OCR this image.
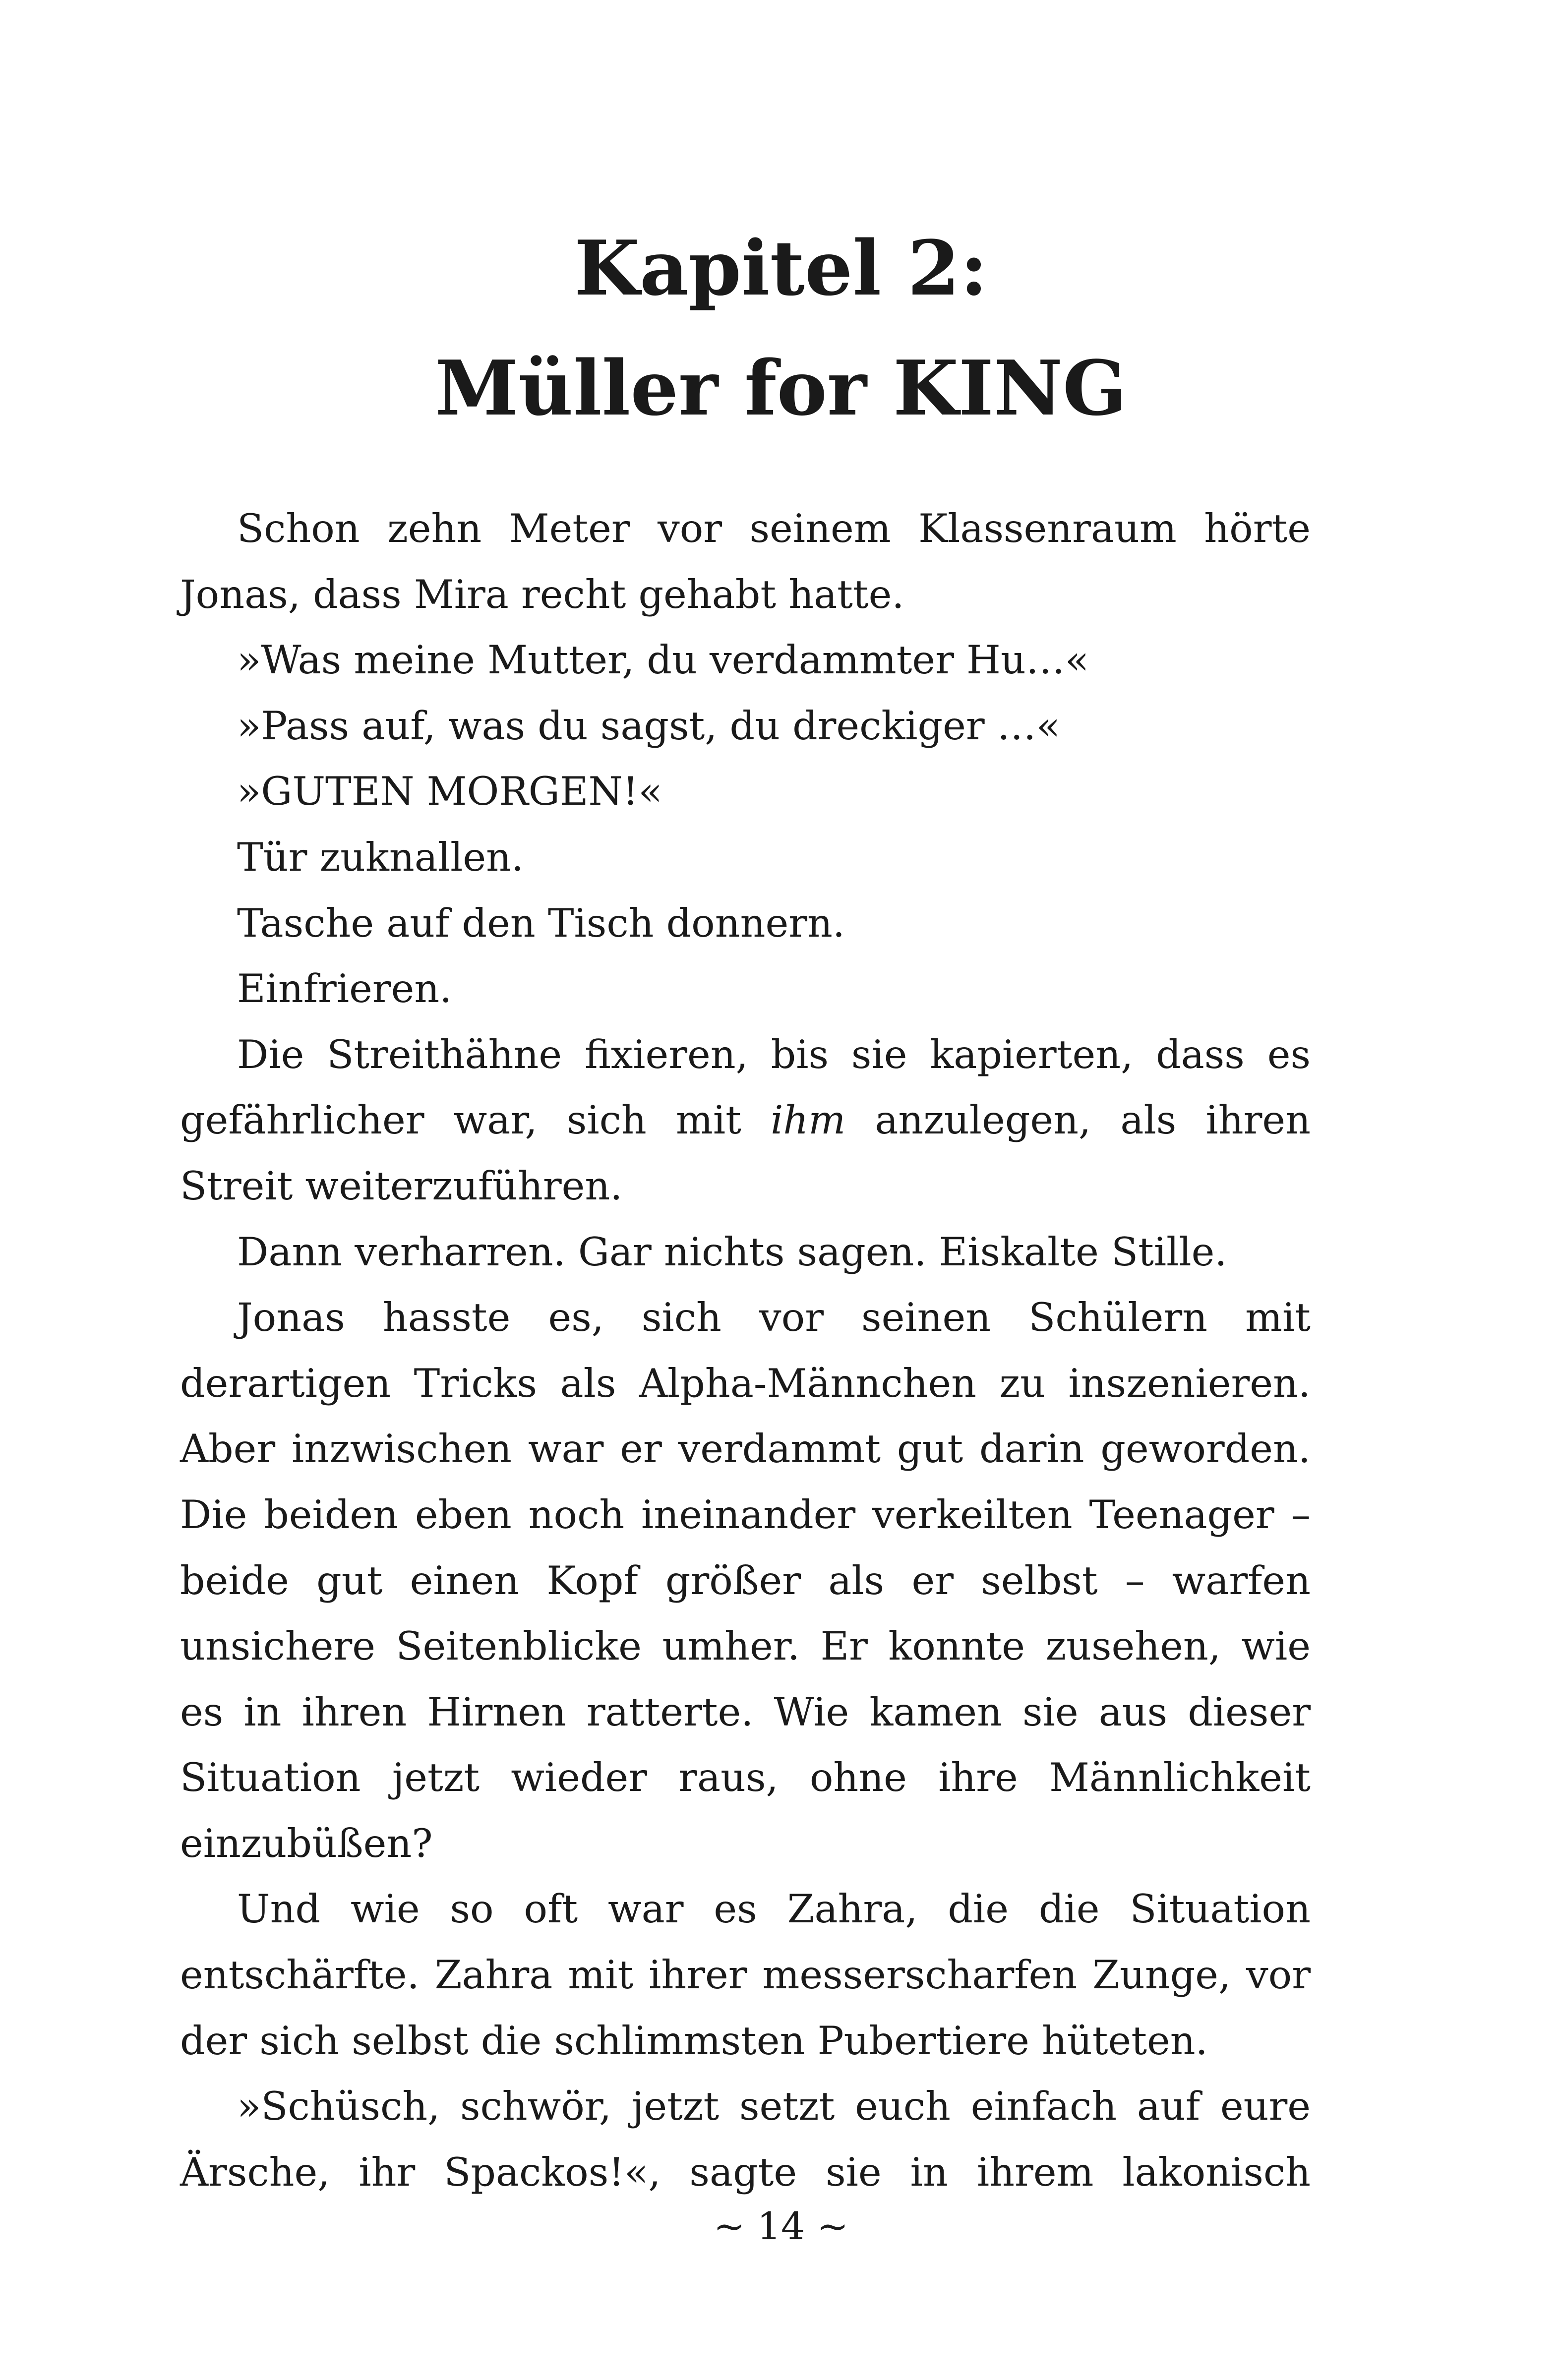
Kapitel 2:
Müller for KING

Schon zehn Meter vor seinem Klassenraum hörte Jonas, dass Mira recht gehabt hatte.

»Was meine Mutter, du verdammter Hu…«

»Pass auf, was du sagst, du dreckiger …«

»GUTEN MORGEN!«

Tür zuknallen.

Tasche auf den Tisch donnern.

Einfrieren.

Die Streithähne fixieren, bis sie kapierten, dass es gefährlicher war, sich mit ihm anzulegen, als ihren Streit weiterzuführen.

Dann verharren. Gar nichts sagen. Eiskalte Stille.

Jonas hasste es, sich vor seinen Schülern mit derartigen Tricks als Alpha-Männchen zu inszenieren. Aber inzwischen war er verdammt gut darin geworden. Die beiden eben noch ineinander verkeilten Teenager – beide gut einen Kopf größer als er selbst – warfen unsichere Seitenblicke umher. Er konnte zusehen, wie es in ihren Hirnen ratterte. Wie kamen sie aus dieser Situation jetzt wieder raus, ohne ihre Männlichkeit einzubüßen?

Und wie so oft war es Zahra, die die Situation entschärfte. Zahra mit ihrer messerscharfen Zunge, vor der sich selbst die schlimmsten Pubertiere hüteten.

»Schüsch, schwör, jetzt setzt euch einfach auf eure Ärsche, ihr Spackos!«, sagte sie in ihrem lakonisch

~ 14 ~
